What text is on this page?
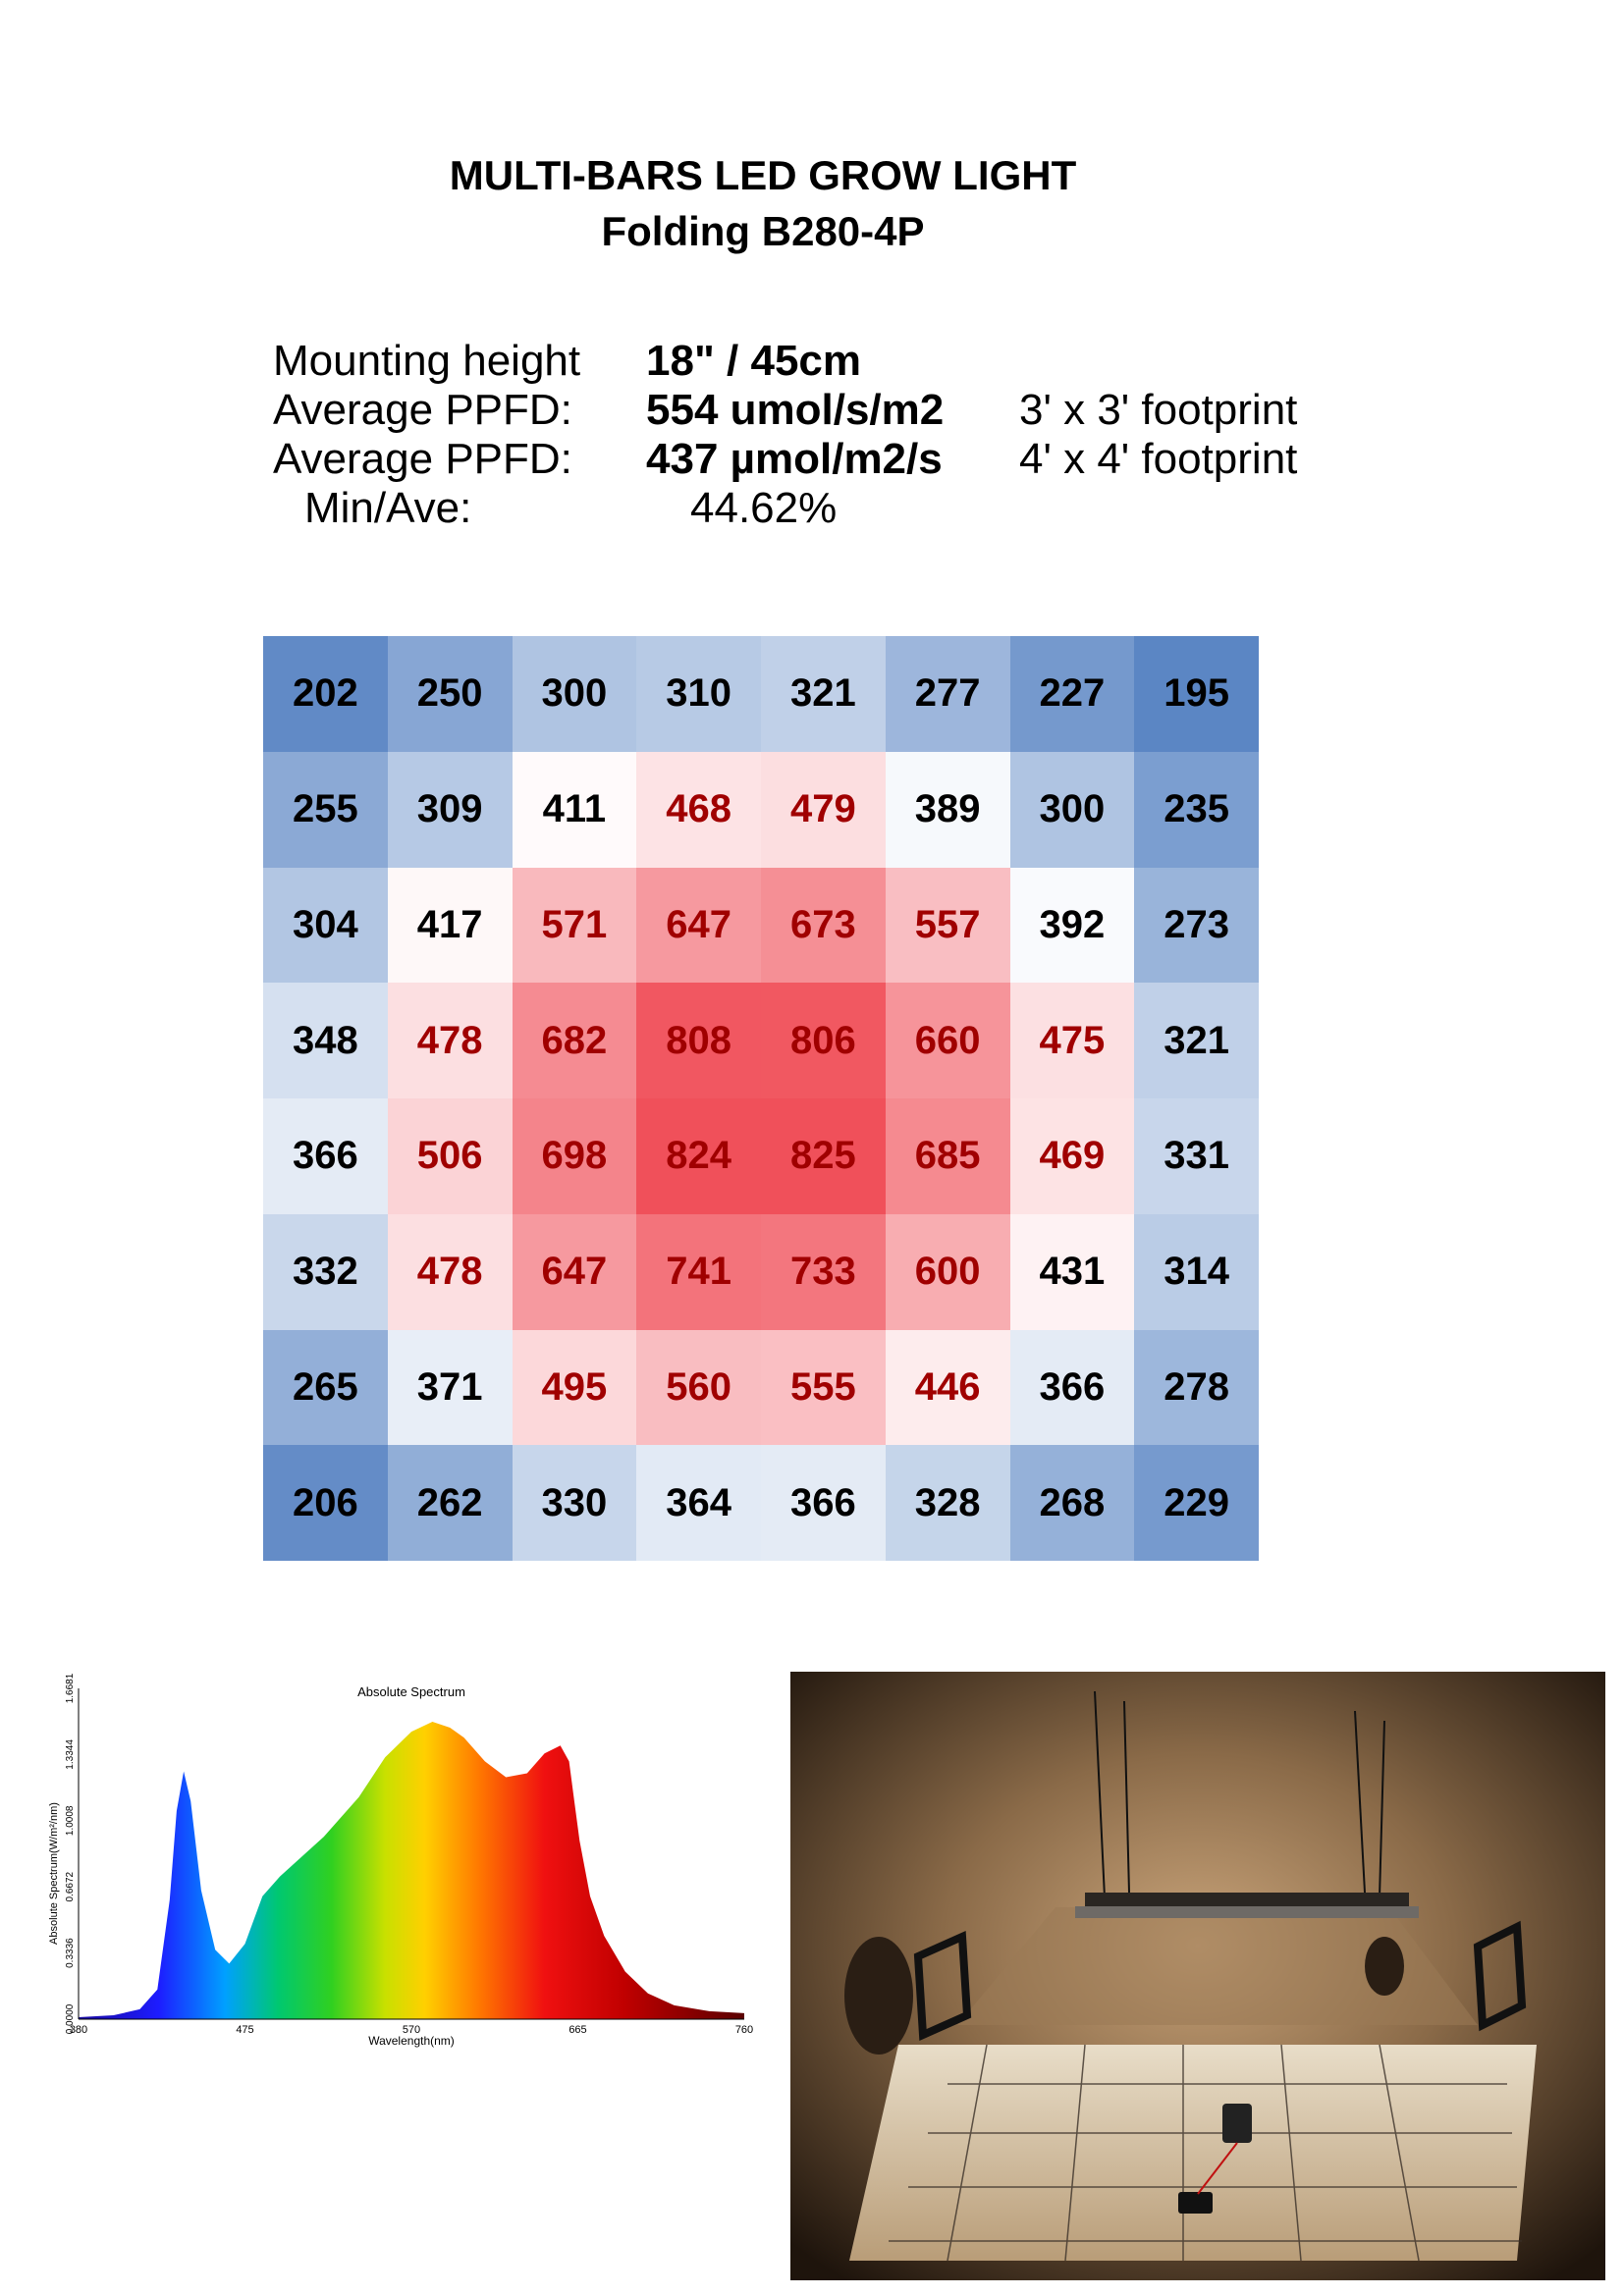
MULTI-BARS LED GROW LIGHT
Folding B280-4P
Mounting height 18" / 45cm
Average PPFD: 554 umol/s/m2 3' x 3' footprint
Average PPFD: 437 µmol/m2/s 4' x 4' footprint
Min/Ave:	44.62%
202	250	300	310	321	277	227	195
255	309	411	468	479	389	300	235
304	417	571	647	673	557	392	273
348	478	682	808	806	660	475	321
366	506	698	824	825	685	469	331
332	478	647	741	733	600	431	314
265	371	495	560	555	446	366	278
206	262	330	364	366	328	268	229
Absolute Spectrum
380	475	570	665	760
0.0000
0.3336
0.6672
1.0008
1.3344
1.6681
Wavelength(nm)
Absolute Spectrum(W/m²/nm)
